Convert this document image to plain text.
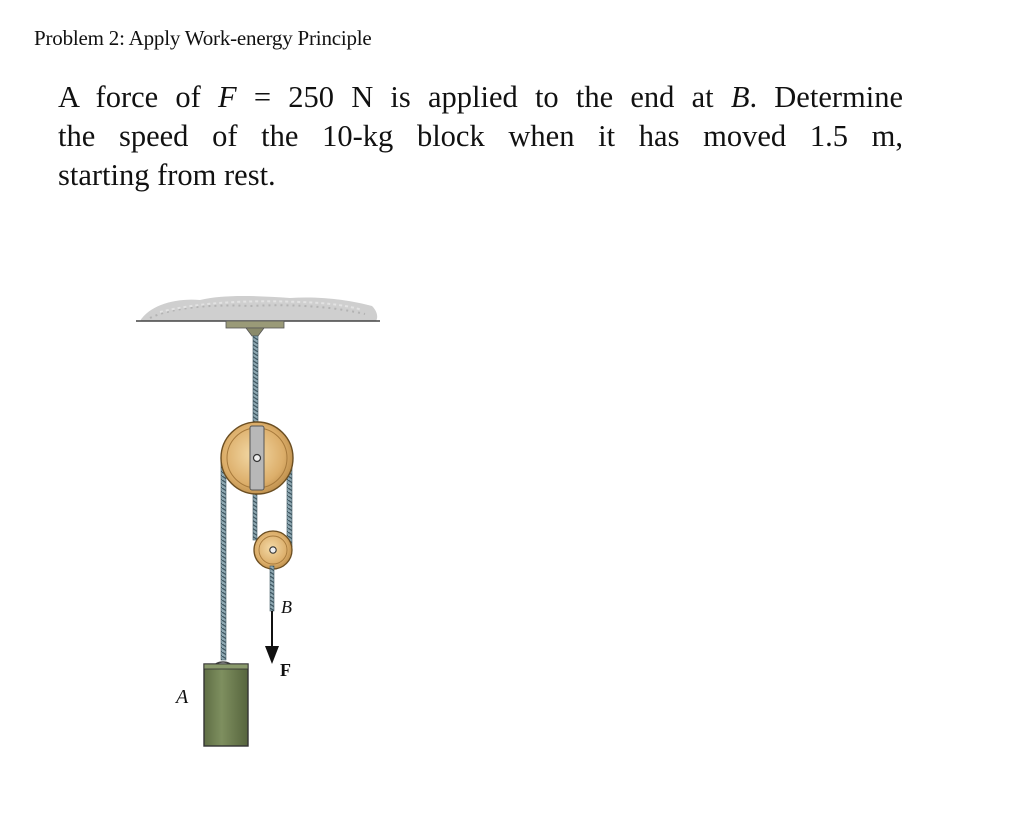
Problem 2: Apply Work-energy Principle
A force of F = 250 N is applied to the end at B. Determine
the speed of the 10-kg block when it has moved 1.5 m,
starting from rest.
A
B
F
